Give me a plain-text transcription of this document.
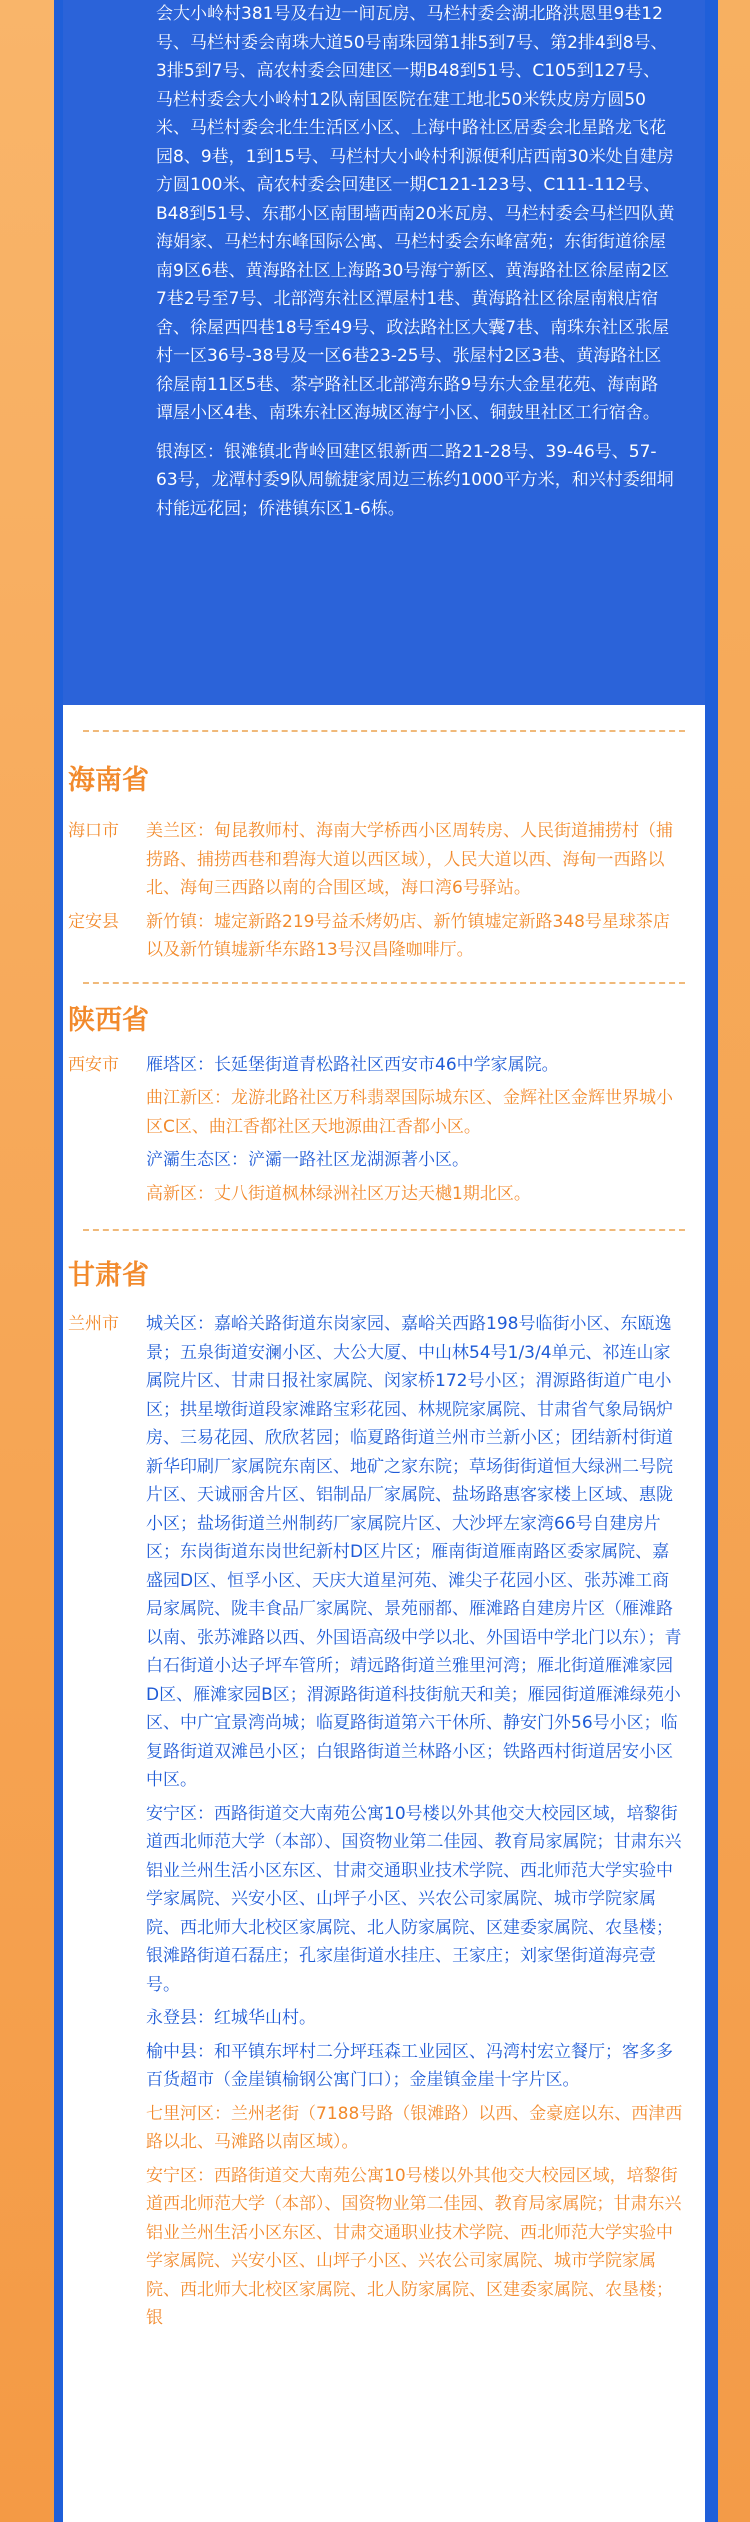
会大小岭村381号及右边一间瓦房、马栏村委会湖北路洪恩里9巷12号、马栏村委会南珠大道50号南珠园第1排5到7号、第2排4到8号、3排5到7号、高农村委会回建区一期B48到51号、C105到127号、马栏村委会大小岭村12队南国医院在建工地北50米铁皮房方圆50米、马栏村委会北生生活区小区、上海中路社区居委会北星路龙飞花园8、9巷，1到15号、马栏村大小岭村利源便利店西南30米处自建房方圆100米、高农村委会回建区一期C121-123号、C111-112号、B48到51号、东郡小区南围墙西南20米瓦房、马栏村委会马栏四队黄海娟家、马栏村东峰国际公寓、马栏村委会东峰富苑；东街街道徐屋南9区6巷、黄海路社区上海路30号海宁新区、黄海路社区徐屋南2区7巷2号至7号、北部湾东社区潭屋村1巷、黄海路社区徐屋南粮店宿舍、徐屋西四巷18号至49号、政法路社区大囊7巷、南珠东社区张屋村一区36号-38号及一区6巷23-25号、张屋村2区3巷、黄海路社区徐屋南11区5巷、茶亭路社区北部湾东路9号东大金星花苑、海南路谭屋小区4巷、南珠东社区海城区海宁小区、铜鼓里社区工行宿舍。

银海区：银滩镇北背岭回建区银新西二路21-28号、39-46号、57-63号，龙潭村委9队周毓捷家周边三栋约1000平方米，和兴村委细垌村能远花园；侨港镇东区1-6栋。

海南省
海口市	美兰区：甸昆教师村、海南大学桥西小区周转房、人民街道捕捞村（捕捞路、捕捞西巷和碧海大道以西区域），人民大道以西、海甸一西路以北、海甸三西路以南的合围区域，海口湾6号驿站。

定安县	新竹镇：墟定新路219号益禾烤奶店、新竹镇墟定新路348号星球茶店以及新竹镇墟新华东路13号汉昌隆咖啡厅。

陕西省
西安市	雁塔区：长延堡街道青松路社区西安市46中学家属院。

曲江新区：龙游北路社区万科翡翠国际城东区、金辉社区金辉世界城小区C区、曲江香都社区天地源曲江香都小区。

浐灞生态区：浐灞一路社区龙湖源著小区。

高新区：丈八街道枫林绿洲社区万达天樾1期北区。

甘肃省
兰州市	城关区：嘉峪关路街道东岗家园、嘉峪关西路198号临街小区、东瓯逸景；五泉街道安澜小区、大公大厦、中山林54号1/3/4单元、祁连山家属院片区、甘肃日报社家属院、闵家桥172号小区；渭源路街道广电小区；拱星墩街道段家滩路宝彩花园、林规院家属院、甘肃省气象局锅炉房、三易花园、欣欣茗园；临夏路街道兰州市兰新小区；团结新村街道新华印刷厂家属院东南区、地矿之家东院；草场街街道恒大绿洲二号院片区、天诚丽舍片区、铝制品厂家属院、盐场路惠客家楼上区域、惠陇小区；盐场街道兰州制药厂家属院片区、大沙坪左家湾66号自建房片区；东岗街道东岗世纪新村D区片区；雁南街道雁南路区委家属院、嘉盛园D区、恒孚小区、天庆大道星河苑、滩尖子花园小区、张苏滩工商局家属院、陇丰食品厂家属院、景苑丽都、雁滩路自建房片区（雁滩路以南、张苏滩路以西、外国语高级中学以北、外国语中学北门以东）；青白石街道小达子坪车管所；靖远路街道兰雅里河湾；雁北街道雁滩家园D区、雁滩家园B区；渭源路街道科技街航天和美；雁园街道雁滩绿苑小区、中广宜景湾尚城；临夏路街道第六干休所、静安门外56号小区；临复路街道双滩邑小区；白银路街道兰林路小区；铁路西村街道居安小区中区。

安宁区：西路街道交大南苑公寓10号楼以外其他交大校园区域，培黎街道西北师范大学（本部）、国资物业第二佳园、教育局家属院；甘肃东兴铝业兰州生活小区东区、甘肃交通职业技术学院、西北师范大学实验中学家属院、兴安小区、山坪子小区、兴农公司家属院、城市学院家属院、西北师大北校区家属院、北人防家属院、区建委家属院、农垦楼；银滩路街道石磊庄；孔家崖街道水挂庄、王家庄；刘家堡街道海亮壹号。

永登县：红城华山村。

榆中县：和平镇东坪村二分坪珏森工业园区、冯湾村宏立餐厅；客多多百货超市（金崖镇榆钢公寓门口）；金崖镇金崖十字片区。

七里河区：兰州老街（7188号路（银滩路）以西、金豪庭以东、西津西路以北、马滩路以南区域）。

安宁区：西路街道交大南苑公寓10号楼以外其他交大校园区域，培黎街道西北师范大学（本部）、国资物业第二佳园、教育局家属院；甘肃东兴铝业兰州生活小区东区、甘肃交通职业技术学院、西北师范大学实验中学家属院、兴安小区、山坪子小区、兴农公司家属院、城市学院家属院、西北师大北校区家属院、北人防家属院、区建委家属院、农垦楼；银
